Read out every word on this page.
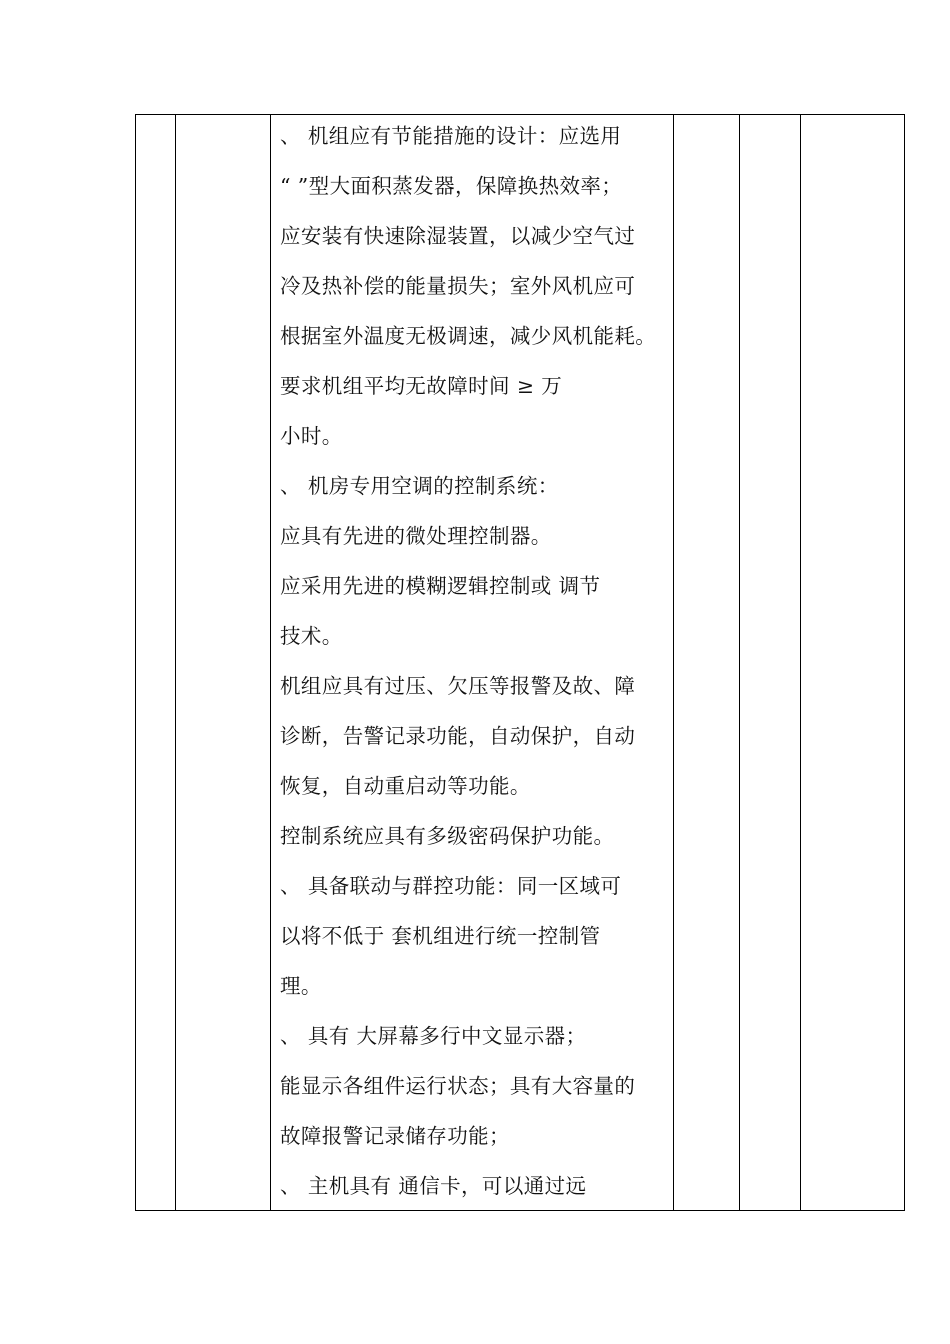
、 机组应有节能措施的设计：应选用
“ ”型大面积蒸发器，保障换热效率；
应安装有快速除湿装置，以减少空气过
冷及热补偿的能量损失；室外风机应可
根据室外温度无极调速，减少风机能耗。
要求机组平均无故障时间 ≥ 万
小时。
、 机房专用空调的控制系统：
应具有先进的微处理控制器。
应采用先进的模糊逻辑控制或 调节
技术。
机组应具有过压、欠压等报警及故、障
诊断，告警记录功能，自动保护，自动
恢复，自动重启动等功能。
控制系统应具有多级密码保护功能。
、 具备联动与群控功能：同一区域可
以将不低于 套机组进行统一控制管
理。
、 具有 大屏幕多行中文显示器；
能显示各组件运行状态；具有大容量的
故障报警记录储存功能；
、 主机具有 通信卡，可以通过远
